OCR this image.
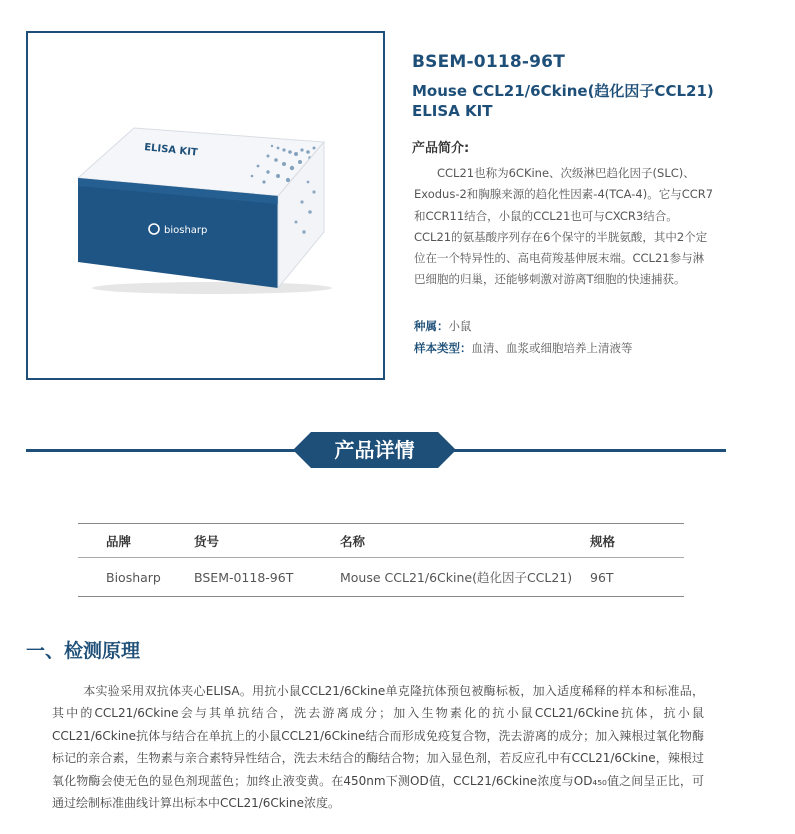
ELISA KIT
biosharp
BSEM-0118-96T
Mouse CCL21/6Ckine(趋化因子CCL21) ELISA KIT
产品简介:

CCL21也称为6CKine、次级淋巴趋化因子(SLC)、Exodus-2和胸腺来源的趋化性因素-4(TCA-4)。它与CCR7和CCR11结合，小鼠的CCL21也可与CXCR3结合。CCL21的氨基酸序列存在6个保守的半胱氨酸，其中2个定位在一个特异性的、高电荷羧基伸展末端。CCL21参与淋巴细胞的归巢，还能够刺激对游离T细胞的快速捕获。

种属：小鼠
样本类型：血清、血浆或细胞培养上清液等
产品详情
品牌	货号	名称	规格
Biosharp	BSEM-0118-96T	Mouse CCL21/6Ckine(趋化因子CCL21)	96T
一、检测原理

本实验采用双抗体夹心ELISA。用抗小鼠CCL21/6Ckine单克隆抗体预包被酶标板，加入适度稀释的样本和标准品，其中的CCL21/6Ckine会与其单抗结合，洗去游离成分；加入生物素化的抗小鼠CCL21/6Ckine抗体，抗小鼠CCL21/6Ckine抗体与结合在单抗上的小鼠CCL21/6Ckine结合而形成免疫复合物，洗去游离的成分；加入辣根过氧化物酶标记的亲合素，生物素与亲合素特异性结合，洗去未结合的酶结合物；加入显色剂，若反应孔中有CCL21/6Ckine，辣根过氧化物酶会使无色的显色剂现蓝色；加终止液变黄。在450nm下测OD值，CCL21/6Ckine浓度与OD₄₅₀值之间呈正比，可通过绘制标准曲线计算出标本中CCL21/6Ckine浓度。
